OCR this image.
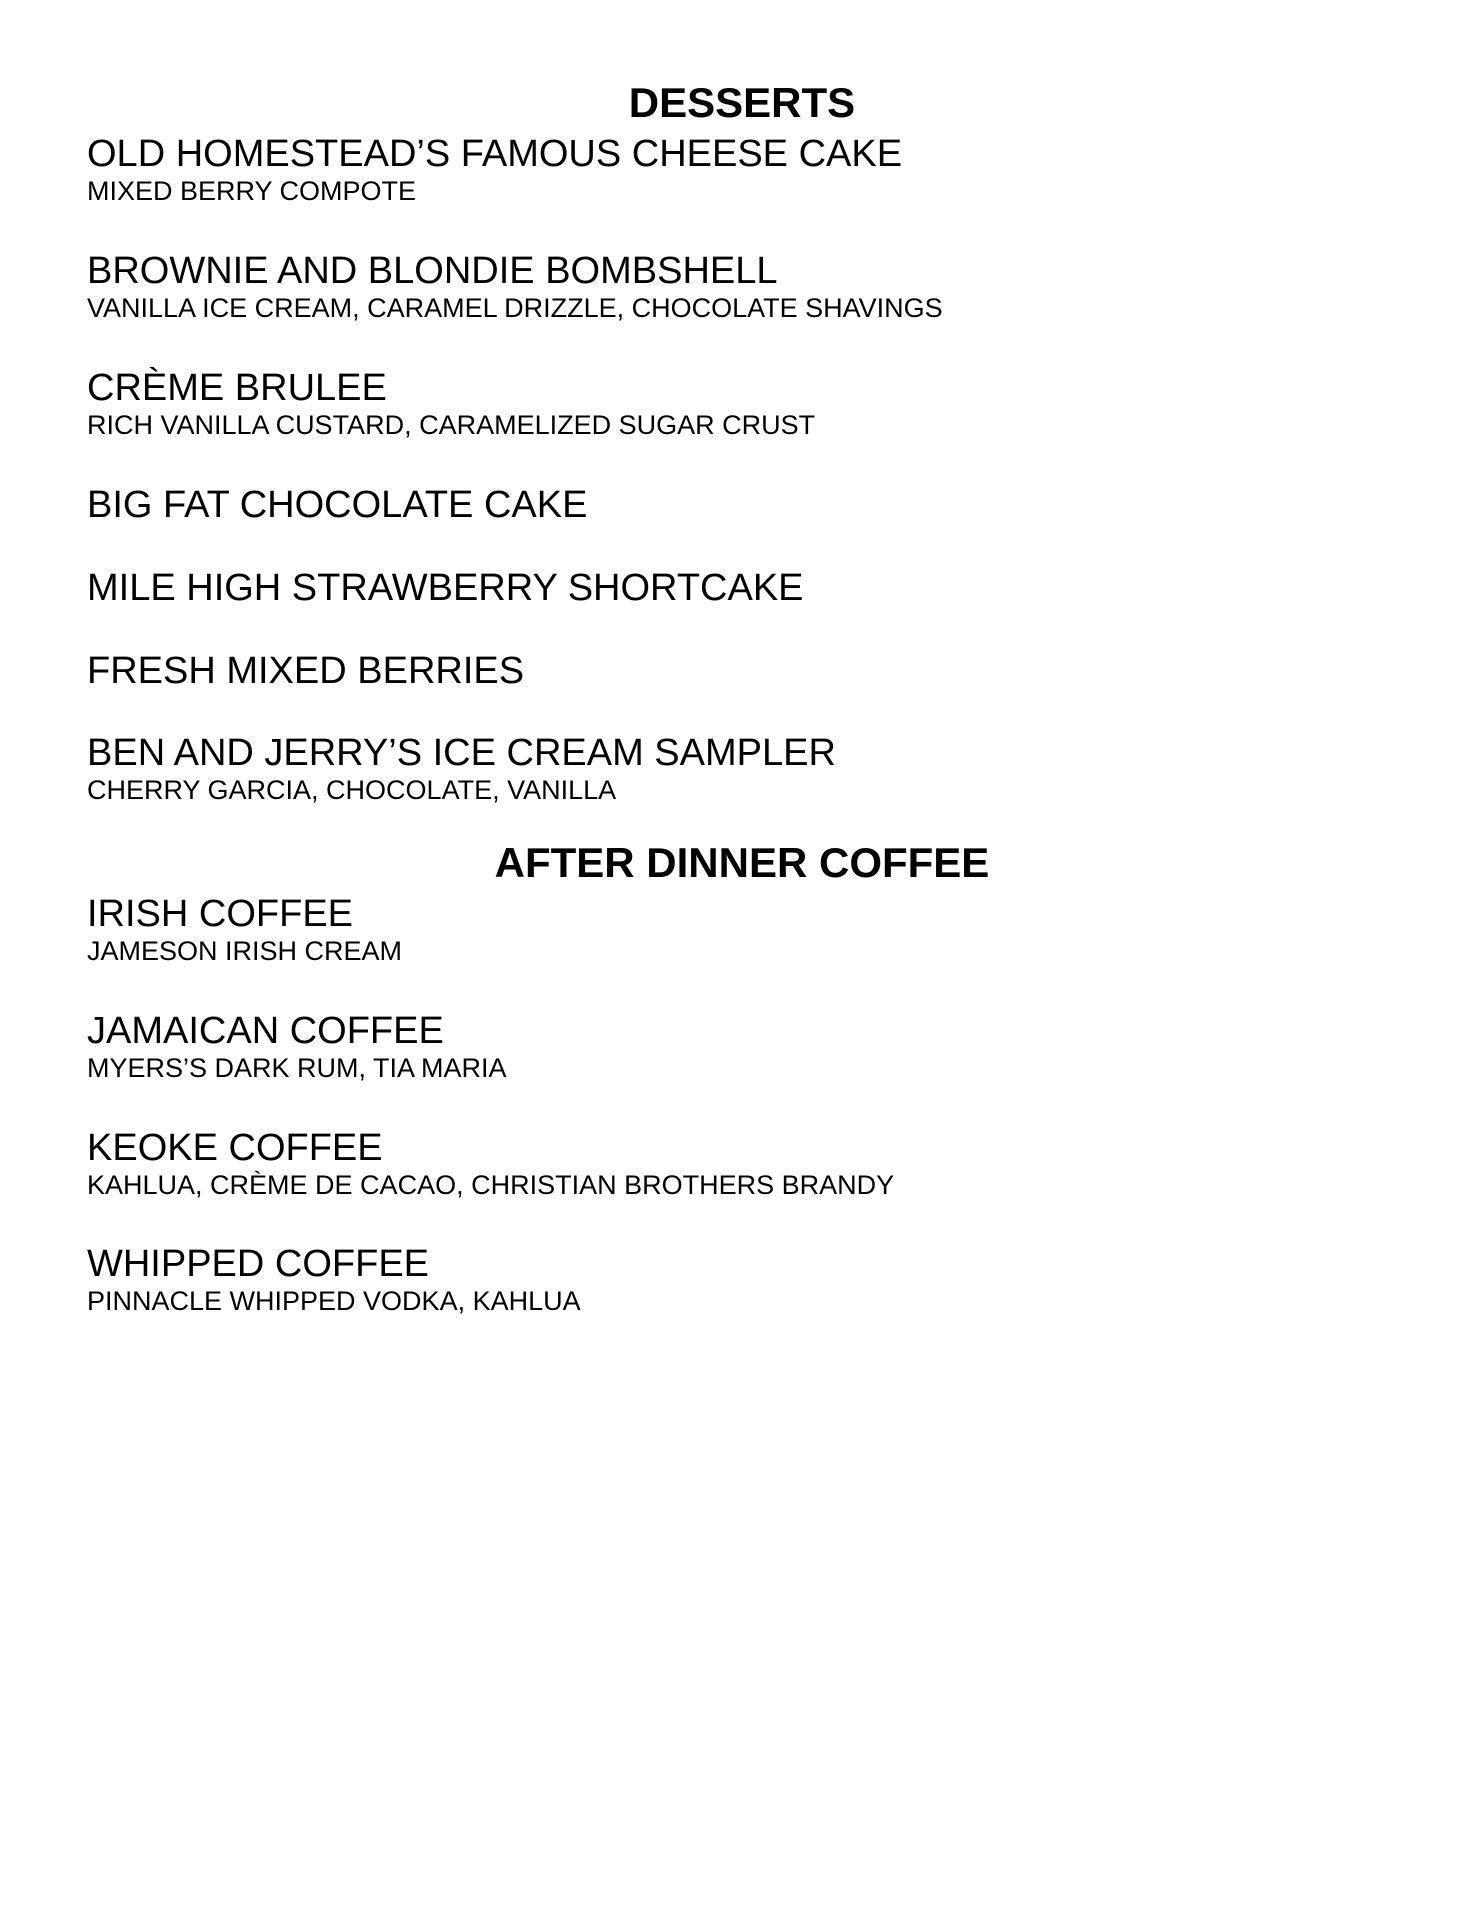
DESSERTS
OLD HOMESTEAD’S FAMOUS CHEESE CAKE
MIXED BERRY COMPOTE
BROWNIE AND BLONDIE BOMBSHELL
VANILLA ICE CREAM, CARAMEL DRIZZLE, CHOCOLATE SHAVINGS
CRÈME BRULEE
RICH VANILLA CUSTARD, CARAMELIZED SUGAR CRUST
BIG FAT CHOCOLATE CAKE
MILE HIGH STRAWBERRY SHORTCAKE
FRESH MIXED BERRIES
BEN AND JERRY’S ICE CREAM SAMPLER
CHERRY GARCIA, CHOCOLATE, VANILLA
AFTER DINNER COFFEE
IRISH COFFEE
JAMESON IRISH CREAM
JAMAICAN COFFEE
MYERS’S DARK RUM, TIA MARIA
KEOKE COFFEE
KAHLUA, CRÈME DE CACAO, CHRISTIAN BROTHERS BRANDY
WHIPPED COFFEE
PINNACLE WHIPPED VODKA, KAHLUA
